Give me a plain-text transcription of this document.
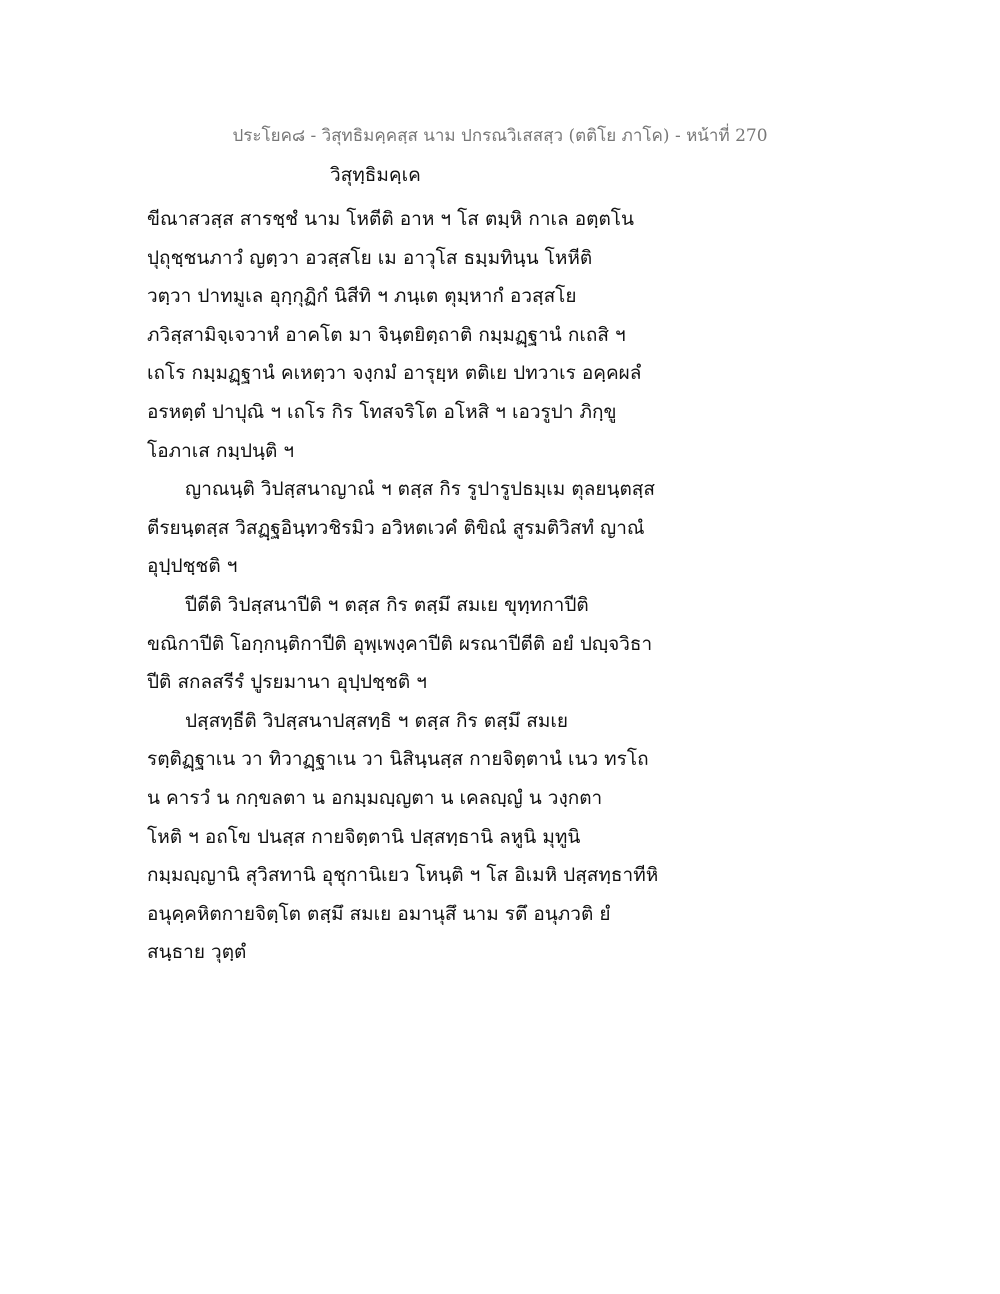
ประโยค๘ - วิสุทธิมคฺคสฺส นาม ปกรณวิเสสสฺว (ตติโย ภาโค) - หน้าที่ 270
วิสุทฺธิมคฺเค
ขีณาสวสฺส สารชฺชํ นาม โหตีติ อาห ฯ โส ตมฺหิ กาเล อตฺตโน
ปุถุชฺชนภาวํ ญตฺวา อวสฺสโย เม อาวุโส ธมฺมทินฺน โหหีติ
วตฺวา ปาทมูเล อุกฺกุฏิกํ นิสีทิ ฯ ภนฺเต ตุมฺหากํ อวสฺสโย
ภวิสฺสามิจฺเจวาหํ อาคโต มา จินฺตยิตฺถาติ กมฺมฏฺฐานํ กเถสิ ฯ
เถโร กมฺมฏฺฐานํ คเหตฺวา จงฺกมํ อารุยฺห ตติเย ปทวาเร อคฺคผลํ
อรหตฺตํ ปาปุณิ ฯ เถโร กิร โทสจริโต อโหสิ ฯ เอวรูปา ภิกฺขู
โอภาเส กมฺปนฺติ ฯ
ญาณนฺติ วิปสฺสนาญาณํ ฯ ตสฺส กิร รูปารูปธมฺเม ตุลยนฺตสฺส
ตีรยนฺตสฺส วิสฏฺฐอินฺทวชิรมิว อวิหตเวคํ ติขิณํ สูรมติวิสทํ ญาณํ
อุปฺปชฺชติ ฯ
ปีตีติ วิปสฺสนาปีติ ฯ ตสฺส กิร ตสฺมึ สมเย ขุทฺทกาปีติ
ขณิกาปีติ โอกฺกนฺติกาปีติ อุพฺเพงฺคาปีติ ผรณาปีตีติ อยํ ปญฺจวิธา
ปีติ สกลสรีรํ ปูรยมานา อุปฺปชฺชติ ฯ
ปสฺสทฺธีติ วิปสฺสนาปสฺสทฺธิ ฯ ตสฺส กิร ตสฺมึ สมเย
รตฺติฏฺฐาเน วา ทิวาฏฺฐาเน วา นิสินฺนสฺส กายจิตฺตานํ เนว ทรโถ
น คารวํ น กกฺขลตา น อกมฺมญฺญตา น เคลญฺญํ น วงฺกตา
โหติ ฯ อถโข ปนสฺส กายจิตฺตานิ ปสฺสทฺธานิ ลหูนิ มุทูนิ
กมฺมญฺญานิ สุวิสทานิ อุชุกานิเยว โหนฺติ ฯ โส อิเมหิ ปสฺสทฺธาทีหิ
อนุคฺคหิตกายจิตฺโต ตสฺมึ สมเย อมานุสึ นาม รตึ อนุภวติ ยํ
สนฺธาย วุตฺตํ
